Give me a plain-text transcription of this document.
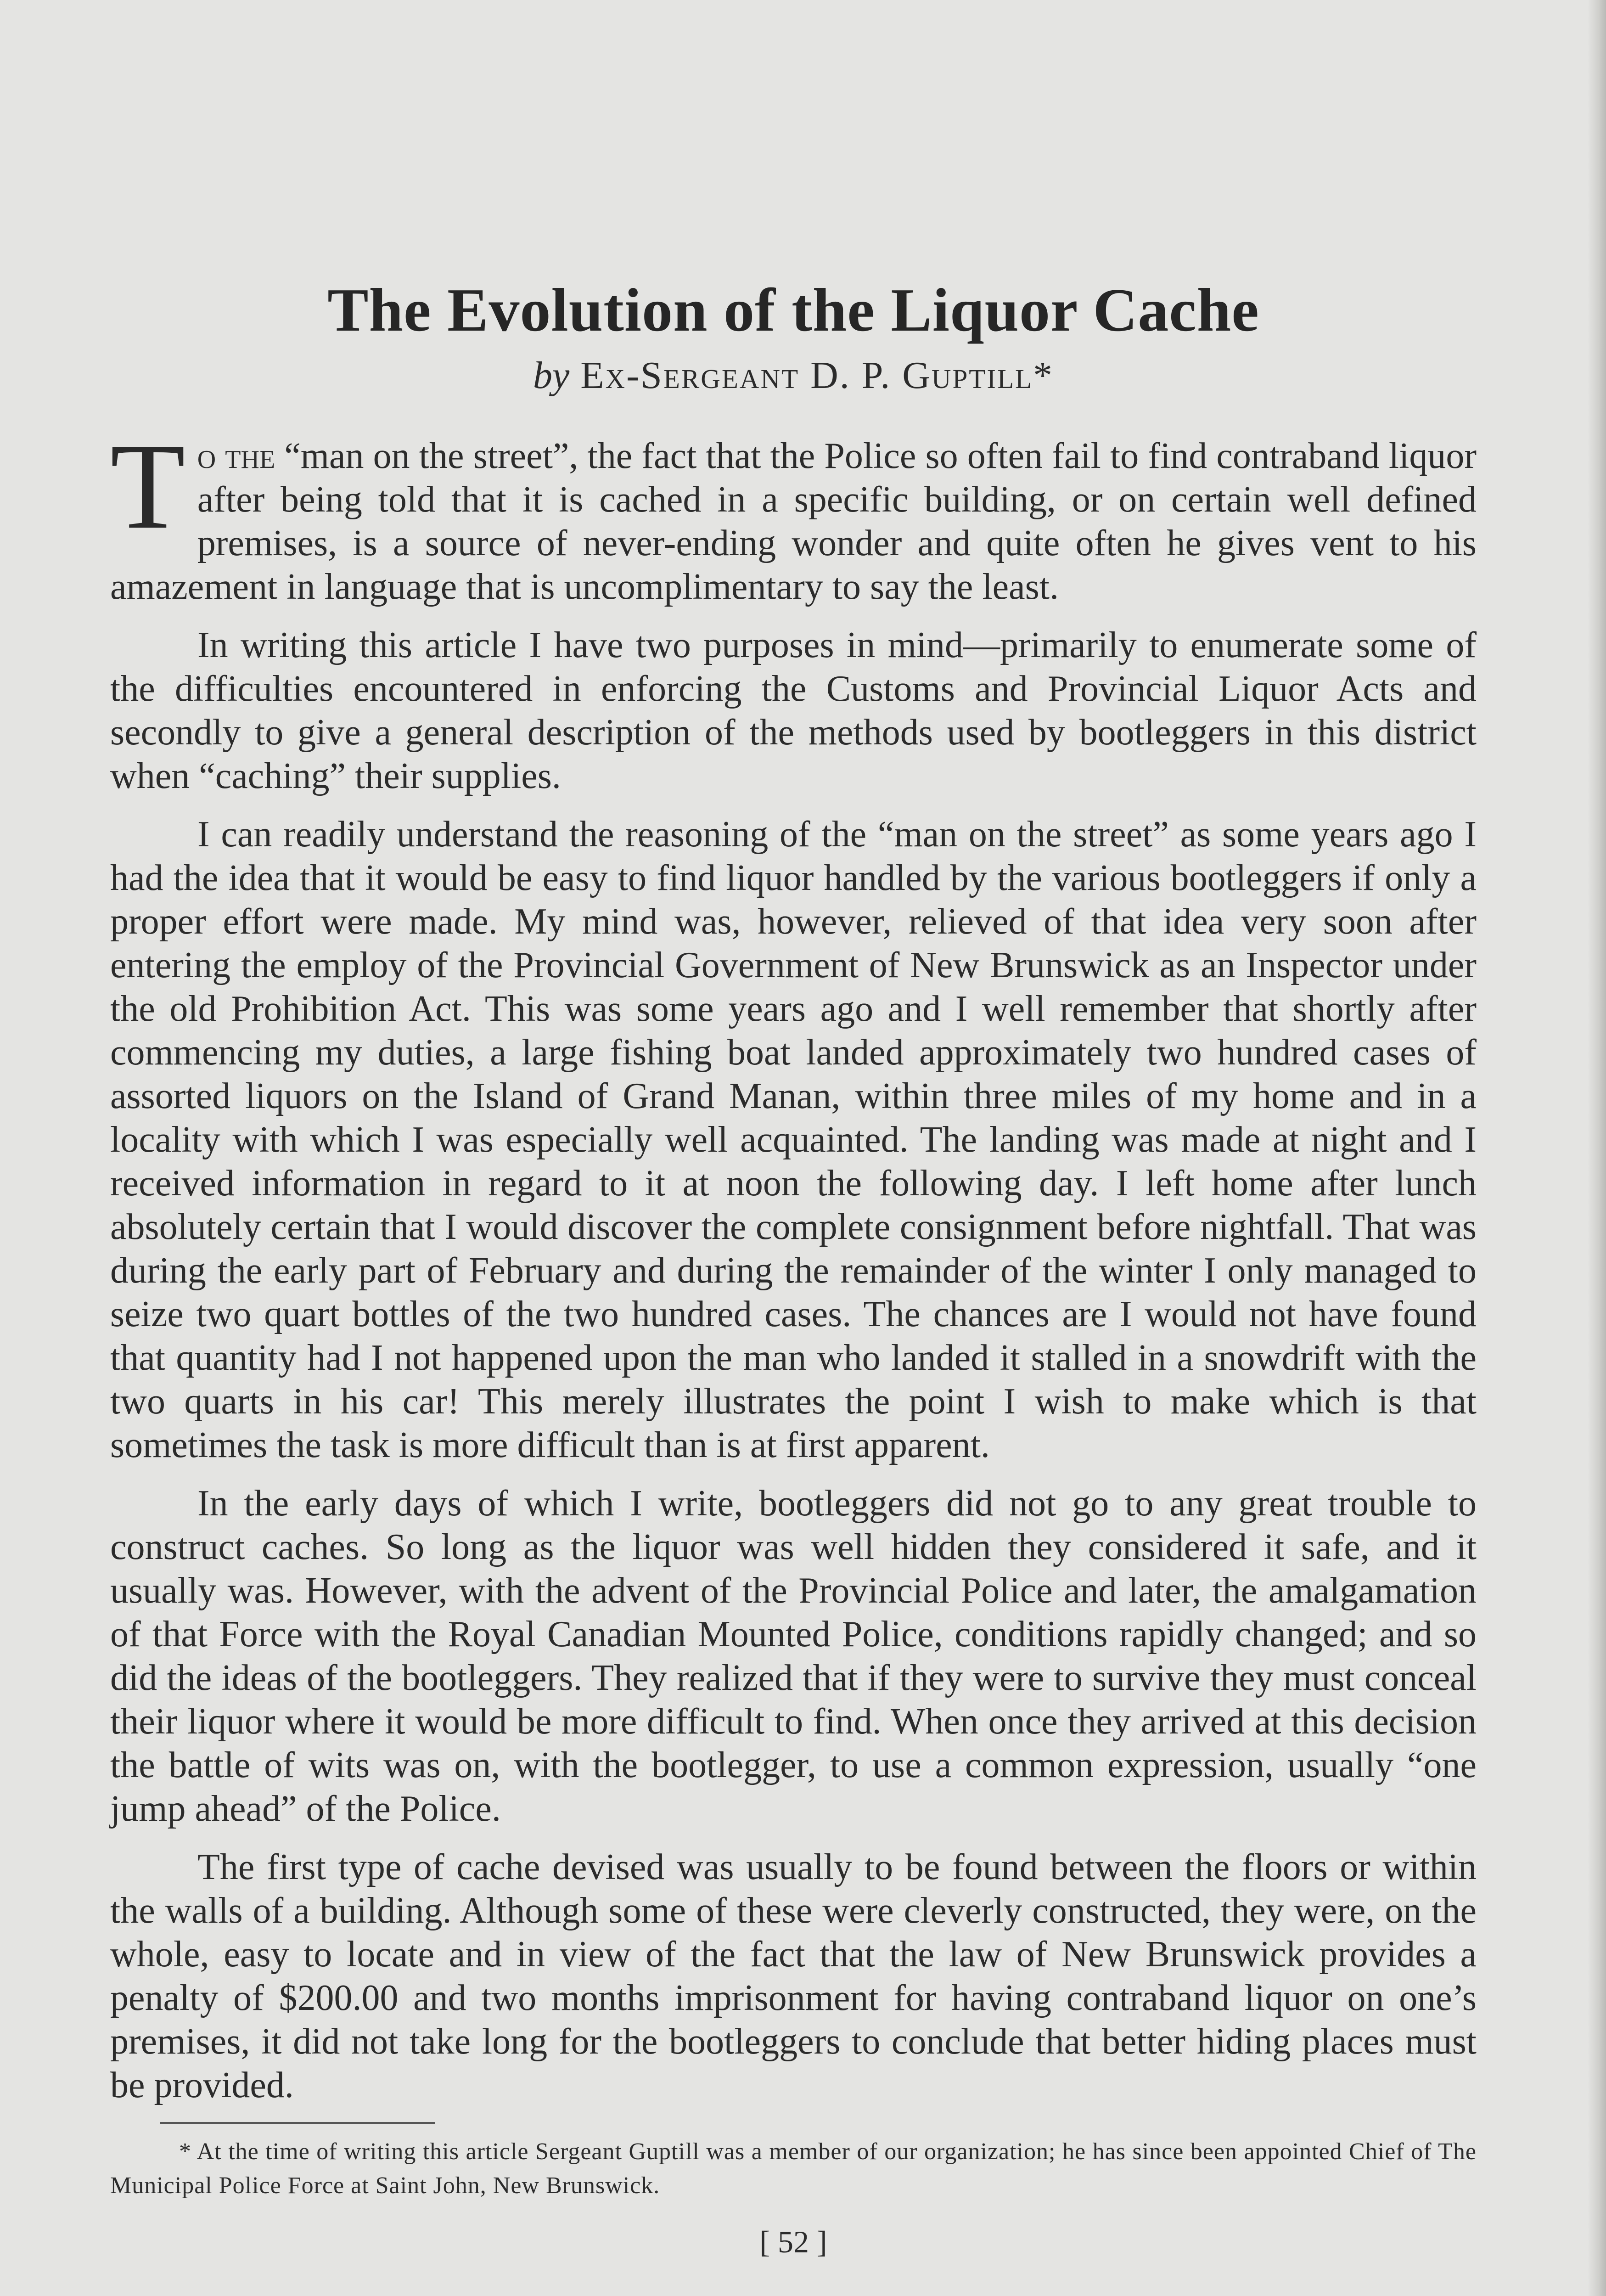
The Evolution of the Liquor Cache
by Ex-Sergeant D. P. Guptill*

To the “man on the street”, the fact that the Police so often fail to find contraband liquor after being told that it is cached in a specific building, or on certain well defined premises, is a source of never-ending wonder and quite often he gives vent to his amazement in language that is uncomplimentary to say the least.

In writing this article I have two purposes in mind—primarily to enumerate some of the difficulties encountered in enforcing the Customs and Provincial Liquor Acts and secondly to give a general description of the methods used by bootleggers in this district when “caching” their supplies.

I can readily understand the reasoning of the “man on the street” as some years ago I had the idea that it would be easy to find liquor handled by the various bootleggers if only a proper effort were made. My mind was, however, relieved of that idea very soon after entering the employ of the Provincial Government of New Brunswick as an Inspector under the old Prohibition Act. This was some years ago and I well remember that shortly after commencing my duties, a large fishing boat landed approximately two hundred cases of assorted liquors on the Island of Grand Manan, within three miles of my home and in a locality with which I was especially well acquainted. The landing was made at night and I received information in regard to it at noon the following day. I left home after lunch absolutely certain that I would discover the complete consignment before nightfall. That was during the early part of February and during the remainder of the winter I only managed to seize two quart bottles of the two hundred cases. The chances are I would not have found that quantity had I not happened upon the man who landed it stalled in a snowdrift with the two quarts in his car! This merely illustrates the point I wish to make which is that sometimes the task is more difficult than is at first apparent.

In the early days of which I write, bootleggers did not go to any great trouble to construct caches. So long as the liquor was well hidden they considered it safe, and it usually was. However, with the advent of the Provincial Police and later, the amalgamation of that Force with the Royal Canadian Mounted Police, conditions rapidly changed; and so did the ideas of the bootleggers. They realized that if they were to survive they must conceal their liquor where it would be more difficult to find. When once they arrived at this decision the battle of wits was on, with the bootlegger, to use a common expression, usually “one jump ahead” of the Police.

The first type of cache devised was usually to be found between the floors or within the walls of a building. Although some of these were cleverly constructed, they were, on the whole, easy to locate and in view of the fact that the law of New Brunswick provides a penalty of $200.00 and two months imprisonment for having contraband liquor on one’s premises, it did not take long for the bootleggers to conclude that better hiding places must be provided.

* At the time of writing this article Sergeant Guptill was a member of our organization; he has since been appointed Chief of The Municipal Police Force at Saint John, New Brunswick.
[ 52 ]
